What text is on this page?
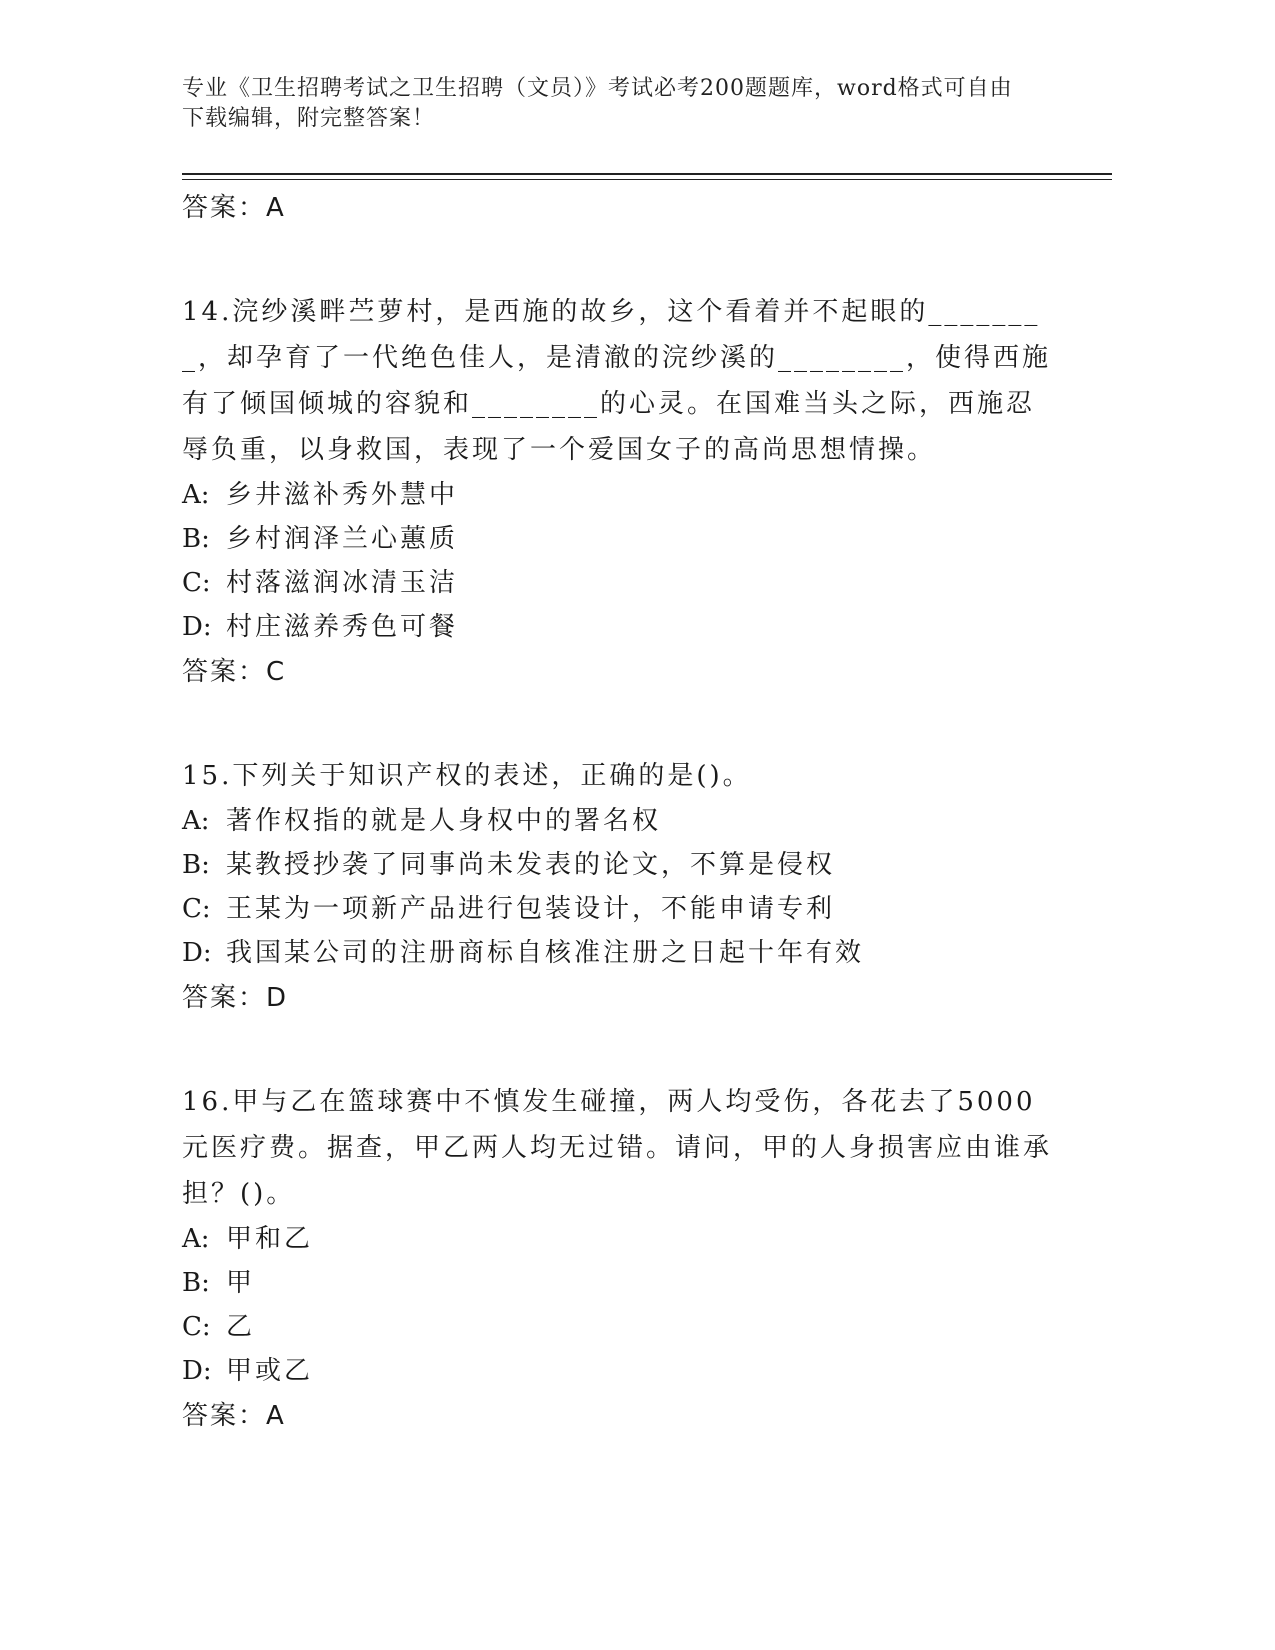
专业《卫生招聘考试之卫生招聘（文员）》考试必考200题题库，word格式可自由下载编辑，附完整答案！
答案：A
14.浣纱溪畔苎萝村，是西施的故乡，这个看着并不起眼的________，却孕育了一代绝色佳人，是清澈的浣纱溪的________，使得西施有了倾国倾城的容貌和________的心灵。在国难当头之际，西施忍辱负重，以身救国，表现了一个爱国女子的高尚思想情操。
A: 乡井滋补秀外慧中
B: 乡村润泽兰心蕙质
C: 村落滋润冰清玉洁
D: 村庄滋养秀色可餐
答案：C
15.下列关于知识产权的表述，正确的是()。
A: 著作权指的就是人身权中的署名权
B: 某教授抄袭了同事尚未发表的论文，不算是侵权
C: 王某为一项新产品进行包装设计，不能申请专利
D: 我国某公司的注册商标自核准注册之日起十年有效
答案：D
16.甲与乙在篮球赛中不慎发生碰撞，两人均受伤，各花去了5000元医疗费。据查，甲乙两人均无过错。请问，甲的人身损害应由谁承担？()。
A: 甲和乙
B: 甲
C: 乙
D: 甲或乙
答案：A
